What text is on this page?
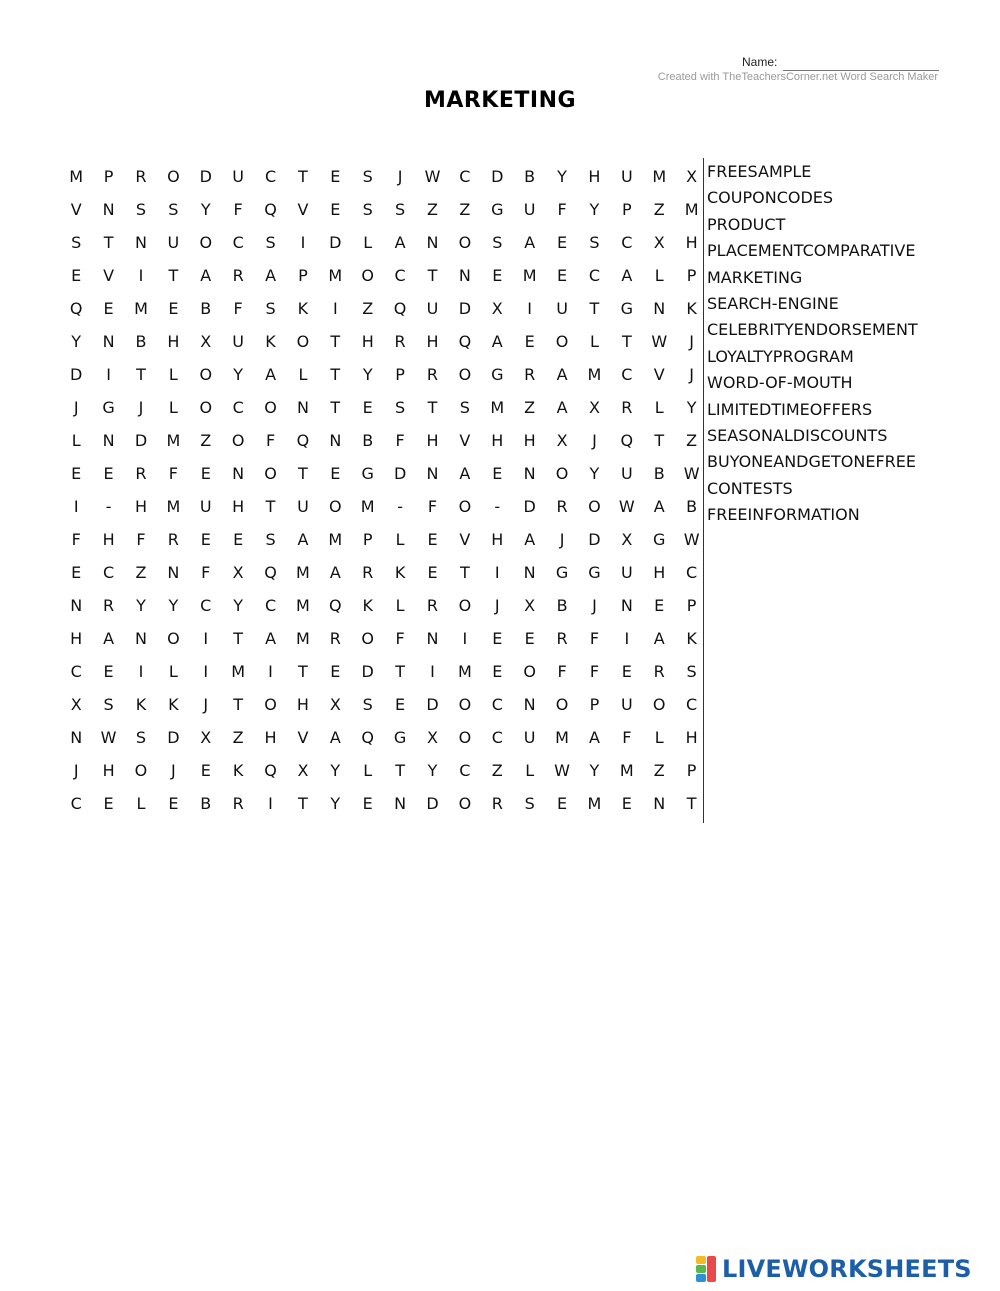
Name:
Created with TheTeachersCorner.net Word Search Maker
MARKETING
M	P	R	O	D	U	C	T	E	S	J	W	C	D	B	Y	H	U	M	X
V	N	S	S	Y	F	Q	V	E	S	S	Z	Z	G	U	F	Y	P	Z	M
S	T	N	U	O	C	S	I	D	L	A	N	O	S	A	E	S	C	X	H
E	V	I	T	A	R	A	P	M	O	C	T	N	E	M	E	C	A	L	P
Q	E	M	E	B	F	S	K	I	Z	Q	U	D	X	I	U	T	G	N	K
Y	N	B	H	X	U	K	O	T	H	R	H	Q	A	E	O	L	T	W	J
D	I	T	L	O	Y	A	L	T	Y	P	R	O	G	R	A	M	C	V	J
J	G	J	L	O	C	O	N	T	E	S	T	S	M	Z	A	X	R	L	Y
L	N	D	M	Z	O	F	Q	N	B	F	H	V	H	H	X	J	Q	T	Z
E	E	R	F	E	N	O	T	E	G	D	N	A	E	N	O	Y	U	B	W
I	-	H	M	U	H	T	U	O	M	-	F	O	-	D	R	O	W	A	B
F	H	F	R	E	E	S	A	M	P	L	E	V	H	A	J	D	X	G	W
E	C	Z	N	F	X	Q	M	A	R	K	E	T	I	N	G	G	U	H	C
N	R	Y	Y	C	Y	C	M	Q	K	L	R	O	J	X	B	J	N	E	P
H	A	N	O	I	T	A	M	R	O	F	N	I	E	E	R	F	I	A	K
C	E	I	L	I	M	I	T	E	D	T	I	M	E	O	F	F	E	R	S
X	S	K	K	J	T	O	H	X	S	E	D	O	C	N	O	P	U	O	C
N	W	S	D	X	Z	H	V	A	Q	G	X	O	C	U	M	A	F	L	H
J	H	O	J	E	K	Q	X	Y	L	T	Y	C	Z	L	W	Y	M	Z	P
C	E	L	E	B	R	I	T	Y	E	N	D	O	R	S	E	M	E	N	T
FREESAMPLE
COUPONCODES
PRODUCT
PLACEMENTCOMPARATIVE
MARKETING
SEARCH-ENGINE
CELEBRITYENDORSEMENT
LOYALTYPROGRAM
WORD-OF-MOUTH
LIMITEDTIMEOFFERS
SEASONALDISCOUNTS
BUYONEANDGETONEFREE
CONTESTS
FREEINFORMATION
LIVEWORKSHEETS
